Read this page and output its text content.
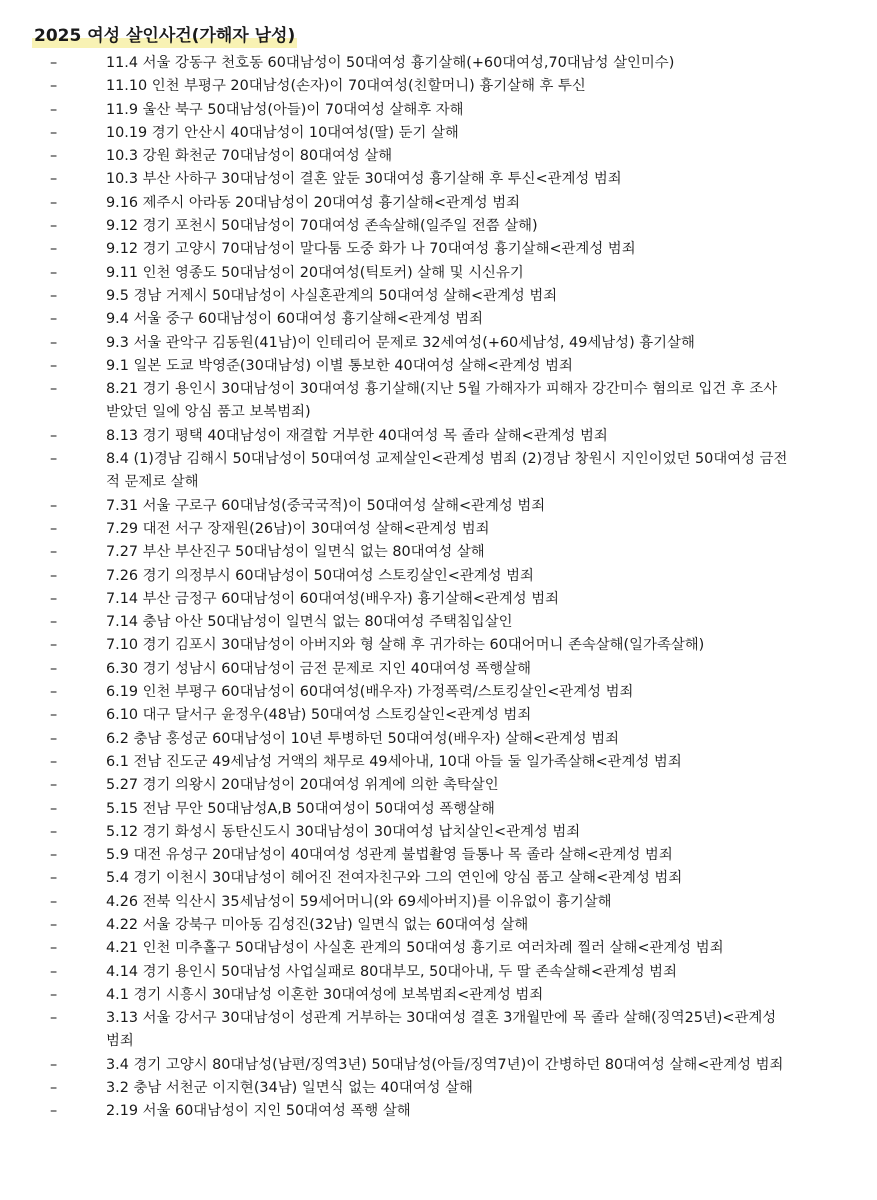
2025 여성 살인사건(가해자 남성)
–	11.4 서울 강동구 천호동 60대남성이 50대여성 흉기살해(+60대여성,70대남성 살인미수)
–	11.10 인천 부평구 20대남성(손자)이 70대여성(친할머니) 흉기살해 후 투신
–	11.9 울산 북구 50대남성(아들)이 70대여성 살해후 자해
–	10.19 경기 안산시 40대남성이 10대여성(딸) 둔기 살해
–	10.3 강원 화천군 70대남성이 80대여성 살해
–	10.3 부산 사하구 30대남성이 결혼 앞둔 30대여성 흉기살해 후 투신<관계성 범죄
–	9.16 제주시 아라동 20대남성이 20대여성 흉기살해<관계성 범죄
–	9.12 경기 포천시 50대남성이 70대여성 존속살해(일주일 전쯤 살해)
–	9.12 경기 고양시 70대남성이 말다툼 도중 화가 나 70대여성 흉기살해<관계성 범죄
–	9.11 인천 영종도 50대남성이 20대여성(틱토커) 살해 및 시신유기
–	9.5 경남 거제시 50대남성이 사실혼관계의 50대여성 살해<관계성 범죄
–	9.4 서울 중구 60대남성이 60대여성 흉기살해<관계성 범죄
–	9.3 서울 관악구 김동원(41남)이 인테리어 문제로 32세여성(+60세남성, 49세남성) 흉기살해
–	9.1 일본 도쿄 박영준(30대남성) 이별 통보한 40대여성 살해<관계성 범죄
–	8.21 경기 용인시 30대남성이 30대여성 흉기살해(지난 5월 가해자가 피해자 강간미수 혐의로 입건 후 조사
받았던 일에 앙심 품고 보복범죄)
–	8.13 경기 평택 40대남성이 재결합 거부한 40대여성 목 졸라 살해<관계성 범죄
–	8.4 (1)경남 김해시 50대남성이 50대여성 교제살인<관계성 범죄 (2)경남 창원시 지인이었던 50대여성 금전
적 문제로 살해
–	7.31 서울 구로구 60대남성(중국국적)이 50대여성 살해<관계성 범죄
–	7.29 대전 서구 장재원(26남)이 30대여성 살해<관계성 범죄
–	7.27 부산 부산진구 50대남성이 일면식 없는 80대여성 살해
–	7.26 경기 의정부시 60대남성이 50대여성 스토킹살인<관계성 범죄
–	7.14 부산 금정구 60대남성이 60대여성(배우자) 흉기살해<관계성 범죄
–	7.14 충남 아산 50대남성이 일면식 없는 80대여성 주택침입살인
–	7.10 경기 김포시 30대남성이 아버지와 형 살해 후 귀가하는 60대어머니 존속살해(일가족살해)
–	6.30 경기 성남시 60대남성이 금전 문제로 지인 40대여성 폭행살해
–	6.19 인천 부평구 60대남성이 60대여성(배우자) 가정폭력/스토킹살인<관계성 범죄
–	6.10 대구 달서구 윤정우(48남) 50대여성 스토킹살인<관계성 범죄
–	6.2 충남 홍성군 60대남성이 10년 투병하던 50대여성(배우자) 살해<관계성 범죄
–	6.1 전남 진도군 49세남성 거액의 채무로 49세아내, 10대 아들 둘 일가족살해<관계성 범죄
–	5.27 경기 의왕시 20대남성이 20대여성 위계에 의한 촉탁살인
–	5.15 전남 무안 50대남성A,B 50대여성이 50대여성 폭행살해
–	5.12 경기 화성시 동탄신도시 30대남성이 30대여성 납치살인<관계성 범죄
–	5.9 대전 유성구 20대남성이 40대여성 성관계 불법촬영 들통나 목 졸라 살해<관계성 범죄
–	5.4 경기 이천시 30대남성이 헤어진 전여자친구와 그의 연인에 앙심 품고 살해<관계성 범죄
–	4.26 전북 익산시 35세남성이 59세어머니(와 69세아버지)를 이유없이 흉기살해
–	4.22 서울 강북구 미아동 김성진(32남) 일면식 없는 60대여성 살해
–	4.21 인천 미추홀구 50대남성이 사실혼 관계의 50대여성 흉기로 여러차례 찔러 살해<관계성 범죄
–	4.14 경기 용인시 50대남성 사업실패로 80대부모, 50대아내, 두 딸 존속살해<관계성 범죄
–	4.1 경기 시흥시 30대남성 이혼한 30대여성에 보복범죄<관계성 범죄
–	3.13 서울 강서구 30대남성이 성관계 거부하는 30대여성 결혼 3개월만에 목 졸라 살해(징역25년)<관계성
범죄
–	3.4 경기 고양시 80대남성(남편/징역3년) 50대남성(아들/징역7년)이 간병하던 80대여성 살해<관계성 범죄
–	3.2 충남 서천군 이지현(34남) 일면식 없는 40대여성 살해
–	2.19 서울 60대남성이 지인 50대여성 폭행 살해
